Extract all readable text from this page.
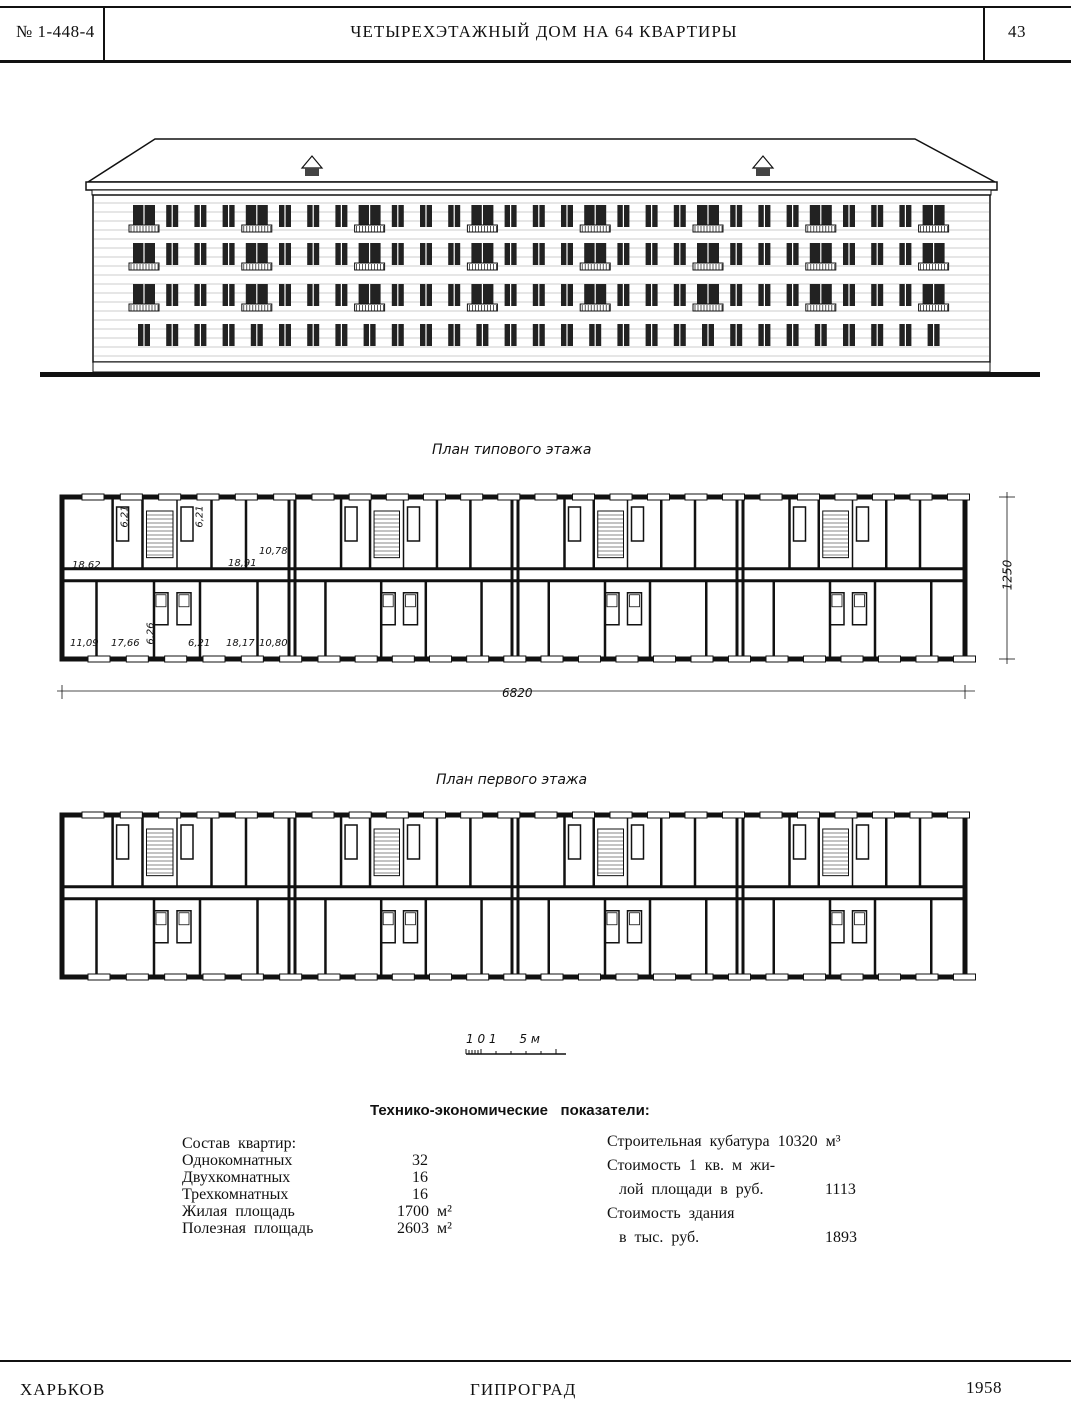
№ 1-448-4	ЧЕТЫРЕХЭТАЖНЫЙ ДОМ НА 64 КВАРТИРЫ	43
План типового этажа
6,21	6,21
18,62	18,91
10,78
11,09 17,66 6,26	6,21 18,17 10,80
6820
1250
План первого этажа
1 0 1      5 м
Технико-экономические   показатели:
Состав  квартир:
Однокомнатных	32
Двухкомнатных	16
Трехкомнатных	16
Жилая  площадь	1700  м²
Полезная  площадь	2603  м²
Строительная  кубатура  10320  м³
Стоимость  1  кв.  м  жи-
лой  площади  в  руб.	1113
Стоимость  здания
в  тыс.  руб.	1893
ХАРЬКОВ	ГИПРОГРАД	1958
